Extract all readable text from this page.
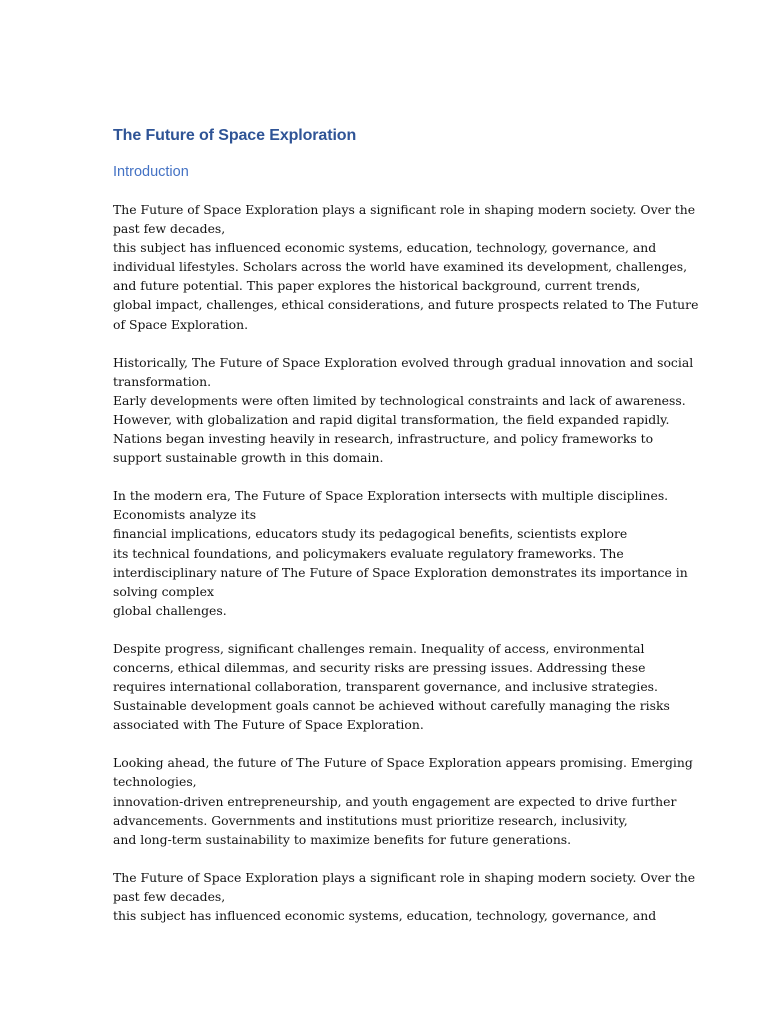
The Future of Space Exploration
Introduction

The Future of Space Exploration plays a significant role in shaping modern society. Over the
past few decades,
this subject has influenced economic systems, education, technology, governance, and
individual lifestyles. Scholars across the world have examined its development, challenges,
and future potential. This paper explores the historical background, current trends,
global impact, challenges, ethical considerations, and future prospects related to The Future
of Space Exploration.

Historically, The Future of Space Exploration evolved through gradual innovation and social
transformation.
Early developments were often limited by technological constraints and lack of awareness.
However, with globalization and rapid digital transformation, the field expanded rapidly.
Nations began investing heavily in research, infrastructure, and policy frameworks to
support sustainable growth in this domain.

In the modern era, The Future of Space Exploration intersects with multiple disciplines.
Economists analyze its
financial implications, educators study its pedagogical benefits, scientists explore
its technical foundations, and policymakers evaluate regulatory frameworks. The
interdisciplinary nature of The Future of Space Exploration demonstrates its importance in
solving complex
global challenges.

Despite progress, significant challenges remain. Inequality of access, environmental
concerns, ethical dilemmas, and security risks are pressing issues. Addressing these
requires international collaboration, transparent governance, and inclusive strategies.
Sustainable development goals cannot be achieved without carefully managing the risks
associated with The Future of Space Exploration.

Looking ahead, the future of The Future of Space Exploration appears promising. Emerging
technologies,
innovation-driven entrepreneurship, and youth engagement are expected to drive further
advancements. Governments and institutions must prioritize research, inclusivity,
and long-term sustainability to maximize benefits for future generations.

The Future of Space Exploration plays a significant role in shaping modern society. Over the
past few decades,
this subject has influenced economic systems, education, technology, governance, and
